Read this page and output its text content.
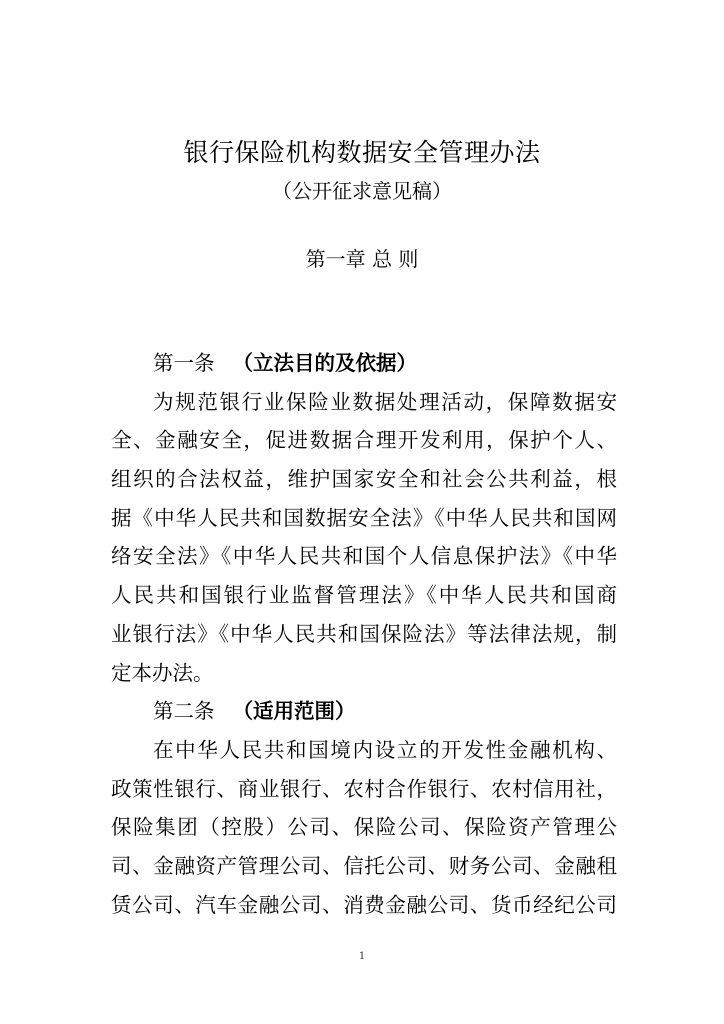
银行保险机构数据安全管理办法
（公开征求意见稿）
第一章 总 则
第一条 （立法目的及依据）
为规范银行业保险业数据处理活动，保障数据安
全、金融安全，促进数据合理开发利用，保护个人、
组织的合法权益，维护国家安全和社会公共利益，根
据《中华人民共和国数据安全法》《中华人民共和国网
络安全法》《中华人民共和国个人信息保护法》《中华
人民共和国银行业监督管理法》《中华人民共和国商
业银行法》《中华人民共和国保险法》等法律法规，制
定本办法。
第二条 （适用范围）
在中华人民共和国境内设立的开发性金融机构、
政策性银行、商业银行、农村合作银行、农村信用社，
保险集团（控股）公司、保险公司、保险资产管理公
司、金融资产管理公司、信托公司、财务公司、金融租
赁公司、汽车金融公司、消费金融公司、货币经纪公司
1
